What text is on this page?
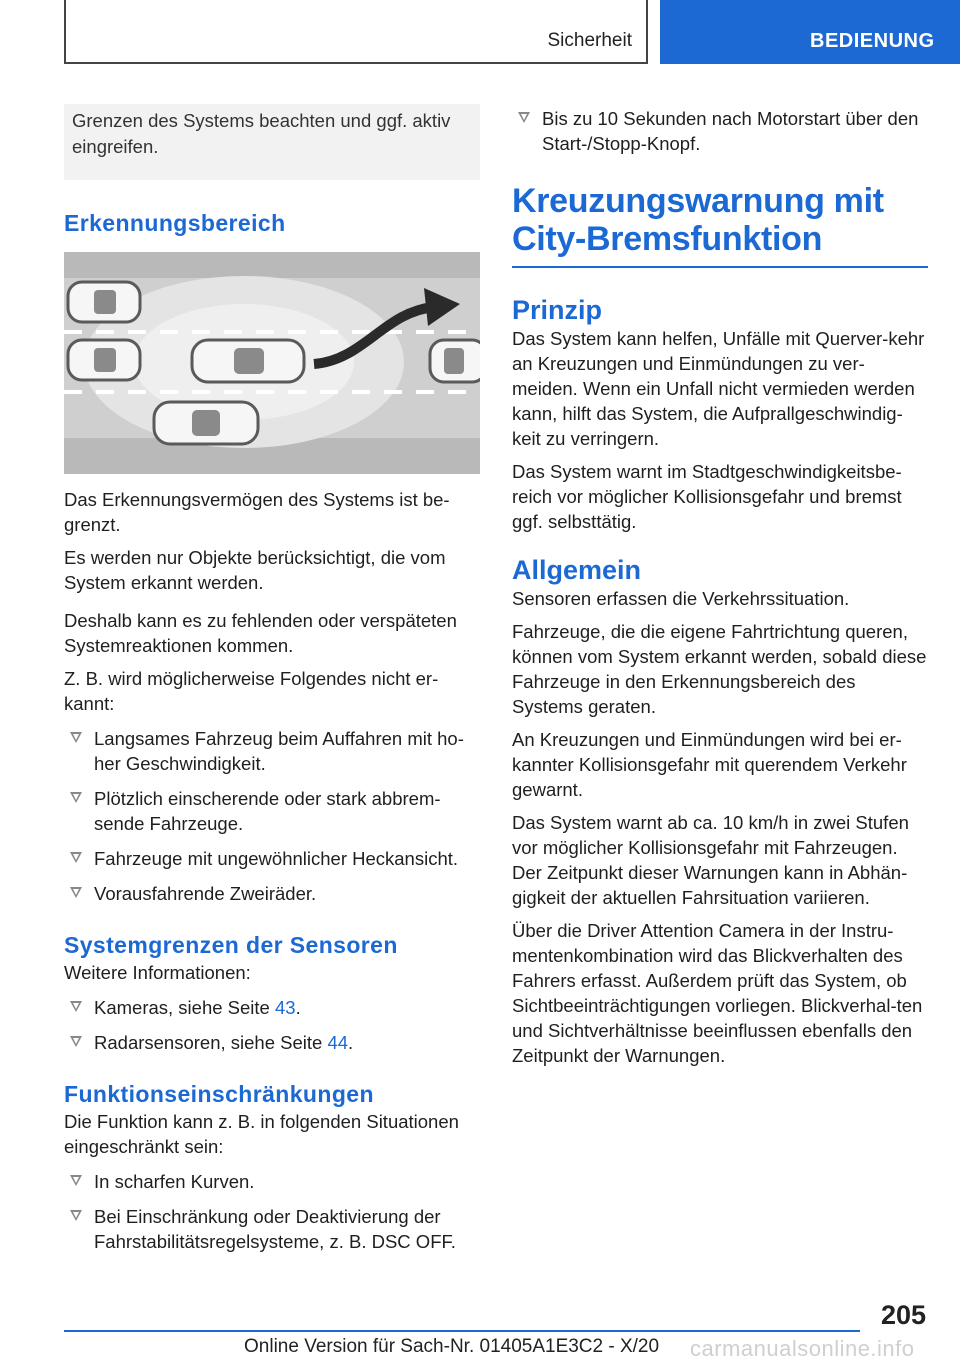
Sicherheit	BEDIENUNG
Grenzen des Systems beachten und ggf. aktiv eingreifen.
Erkennungsbereich

Das Erkennungsvermögen des Systems ist be-grenzt.

Es werden nur Objekte berücksichtigt, die vom System erkannt werden.

Deshalb kann es zu fehlenden oder verspäteten Systemreaktionen kommen.

Z. B. wird möglicherweise Folgendes nicht er-kannt:

Langsames Fahrzeug beim Auffahren mit ho-her Geschwindigkeit.
Plötzlich einscherende oder stark abbrem-sende Fahrzeuge.
Fahrzeuge mit ungewöhnlicher Heckansicht.
Vorausfahrende Zweiräder.
Systemgrenzen der Sensoren

Weitere Informationen:

Kameras, siehe Seite 43.
Radarsensoren, siehe Seite 44.
Funktionseinschränkungen

Die Funktion kann z. B. in folgenden Situationen eingeschränkt sein:

In scharfen Kurven.
Bei Einschränkung oder Deaktivierung der Fahrstabilitätsregelsysteme, z. B. DSC OFF.
Bis zu 10 Sekunden nach Motorstart über den Start-/Stopp-Knopf.
Kreuzungswarnung mit City-Bremsfunktion
Prinzip

Das System kann helfen, Unfälle mit Querver-kehr an Kreuzungen und Einmündungen zu ver-meiden. Wenn ein Unfall nicht vermieden werden kann, hilft das System, die Aufprallgeschwindig-keit zu verringern.

Das System warnt im Stadtgeschwindigkeitsbe-reich vor möglicher Kollisionsgefahr und bremst ggf. selbsttätig.

Allgemein

Sensoren erfassen die Verkehrssituation.

Fahrzeuge, die die eigene Fahrtrichtung queren, können vom System erkannt werden, sobald diese Fahrzeuge in den Erkennungsbereich des Systems geraten.

An Kreuzungen und Einmündungen wird bei er-kannter Kollisionsgefahr mit querendem Verkehr gewarnt.

Das System warnt ab ca. 10 km/h in zwei Stufen vor möglicher Kollisionsgefahr mit Fahrzeugen. Der Zeitpunkt dieser Warnungen kann in Abhän-gigkeit der aktuellen Fahrsituation variieren.

Über die Driver Attention Camera in der Instru-mentenkombination wird das Blickverhalten des Fahrers erfasst. Außerdem prüft das System, ob Sichtbeeinträchtigungen vorliegen. Blickverhal-ten und Sichtverhältnisse beeinflussen ebenfalls den Zeitpunkt der Warnungen.

205
Online Version für Sach-Nr. 01405A1E3C2 - X/20 carmanualsonline.info
